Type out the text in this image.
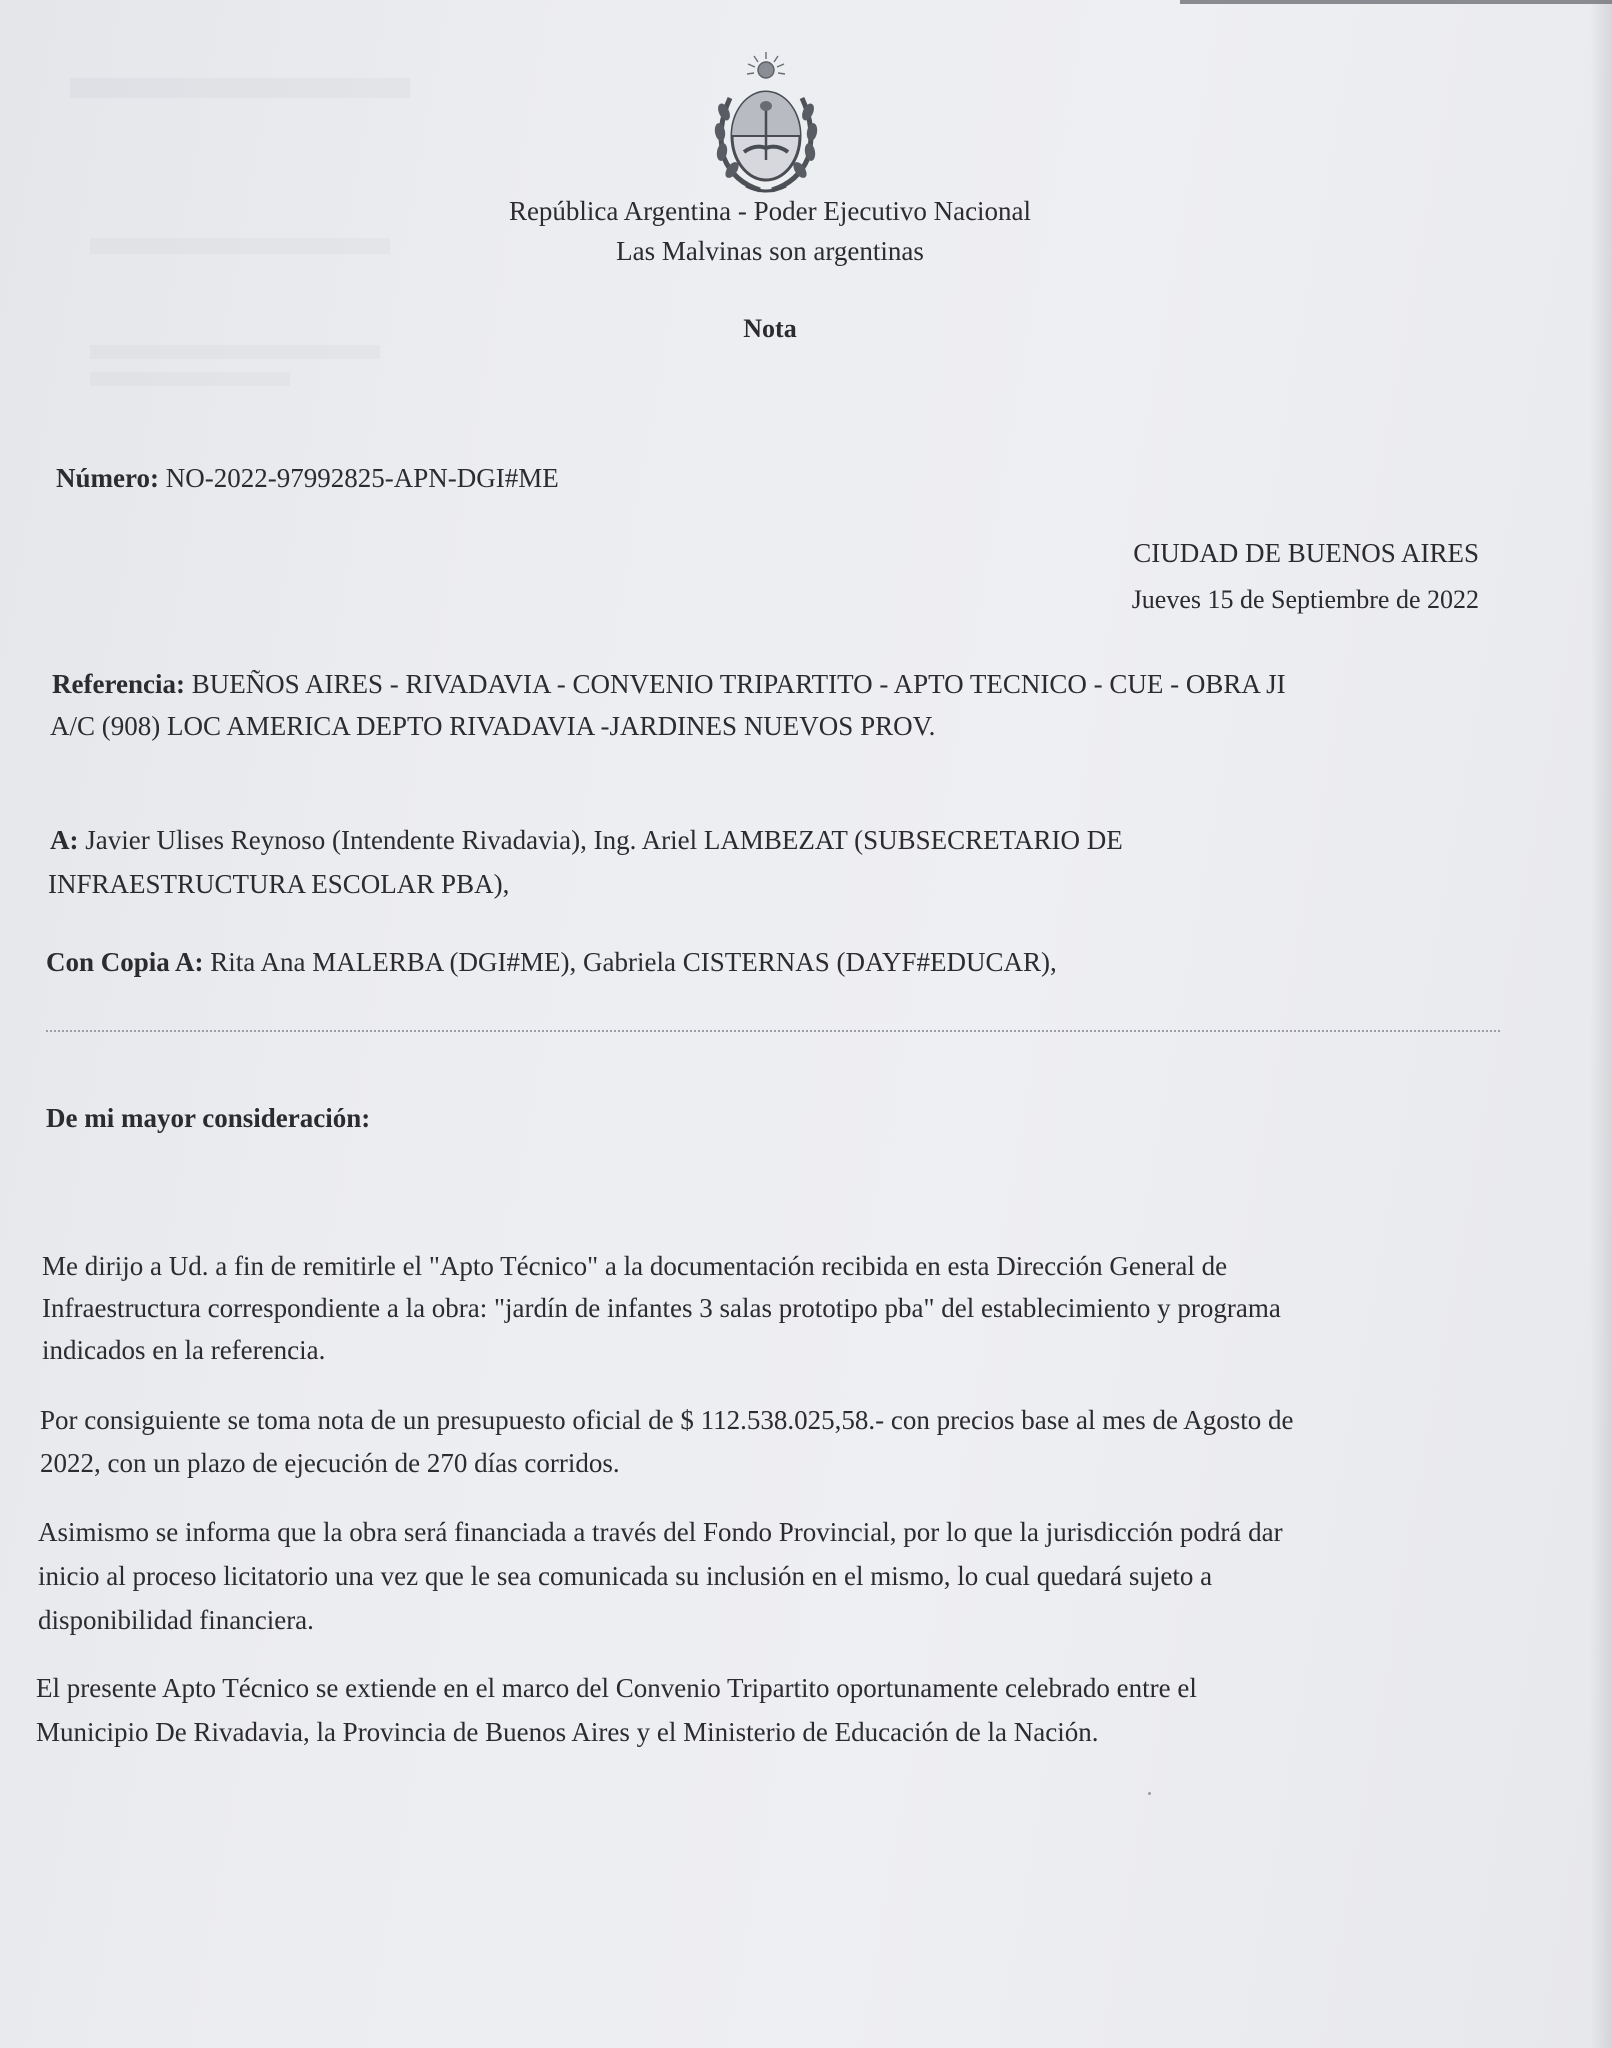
República Argentina - Poder Ejecutivo Nacional
Las Malvinas son argentinas
Nota
Número: NO-2022-97992825-APN-DGI#ME
CIUDAD DE BUENOS AIRES
Jueves 15 de Septiembre de 2022
Referencia: BUEÑOS AIRES - RIVADAVIA - CONVENIO TRIPARTITO - APTO TECNICO - CUE - OBRA JI
A/C (908) LOC AMERICA DEPTO RIVADAVIA -JARDINES NUEVOS PROV.
A: Javier Ulises Reynoso (Intendente Rivadavia), Ing. Ariel LAMBEZAT (SUBSECRETARIO DE
INFRAESTRUCTURA ESCOLAR PBA),
Con Copia A: Rita Ana MALERBA (DGI#ME), Gabriela CISTERNAS (DAYF#EDUCAR),
De mi mayor consideración:
Me dirijo a Ud. a fin de remitirle el "Apto Técnico" a la documentación recibida en esta Dirección General de
Infraestructura correspondiente a la obra: "jardín de infantes 3 salas prototipo pba" del establecimiento y programa
indicados en la referencia.
Por consiguiente se toma nota de un presupuesto oficial de $ 112.538.025,58.- con precios base al mes de Agosto de
2022, con un plazo de ejecución de 270 días corridos.
Asimismo se informa que la obra será financiada a través del Fondo Provincial, por lo que la jurisdicción podrá dar
inicio al proceso licitatorio una vez que le sea comunicada su inclusión en el mismo, lo cual quedará sujeto a
disponibilidad financiera.
El presente Apto Técnico se extiende en el marco del Convenio Tripartito oportunamente celebrado entre el
Municipio De Rivadavia, la Provincia de Buenos Aires y el Ministerio de Educación de la Nación.
